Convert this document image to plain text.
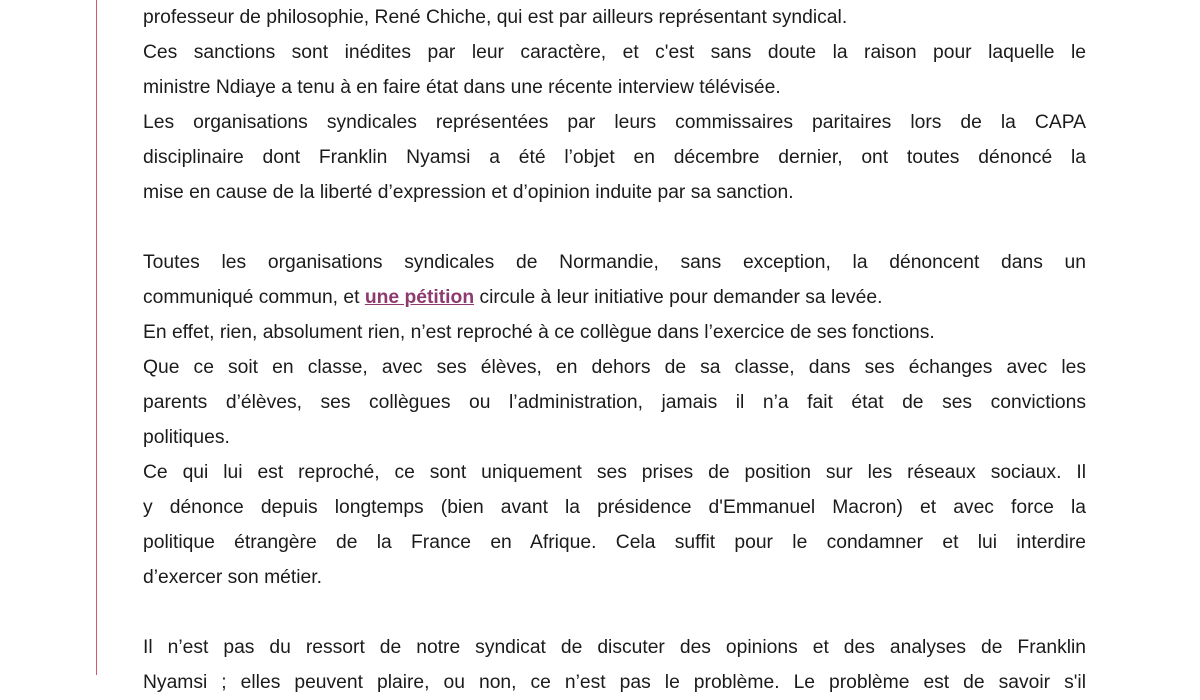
professeur de philosophie, René Chiche, qui est par ailleurs représentant syndical.

Ces sanctions sont inédites par leur caractère, et c'est sans doute la raison pour laquelle le
ministre Ndiaye a tenu à en faire état dans une récente interview télévisée.

Les organisations syndicales représentées par leurs commissaires paritaires lors de la CAPA
disciplinaire dont Franklin Nyamsi a été l’objet en décembre dernier, ont toutes dénoncé la
mise en cause de la liberté d’expression et d’opinion induite par sa sanction.

Toutes les organisations syndicales de Normandie, sans exception, la dénoncent dans un
communiqué commun, et une pétition circule à leur initiative pour demander sa levée.

En effet, rien, absolument rien, n’est reproché à ce collègue dans l’exercice de ses fonctions.

Que ce soit en classe, avec ses élèves, en dehors de sa classe, dans ses échanges avec les
parents d’élèves, ses collègues ou l’administration, jamais il n’a fait état de ses convictions
politiques.

Ce qui lui est reproché, ce sont uniquement ses prises de position sur les réseaux sociaux. Il
y dénonce depuis longtemps (bien avant la présidence d'Emmanuel Macron) et avec force la
politique étrangère de la France en Afrique. Cela suffit pour le condamner et lui interdire
d’exercer son métier.

Il n’est pas du ressort de notre syndicat de discuter des opinions et des analyses de Franklin
Nyamsi ; elles peuvent plaire, ou non, ce n’est pas le problème. Le problème est de savoir s'il
